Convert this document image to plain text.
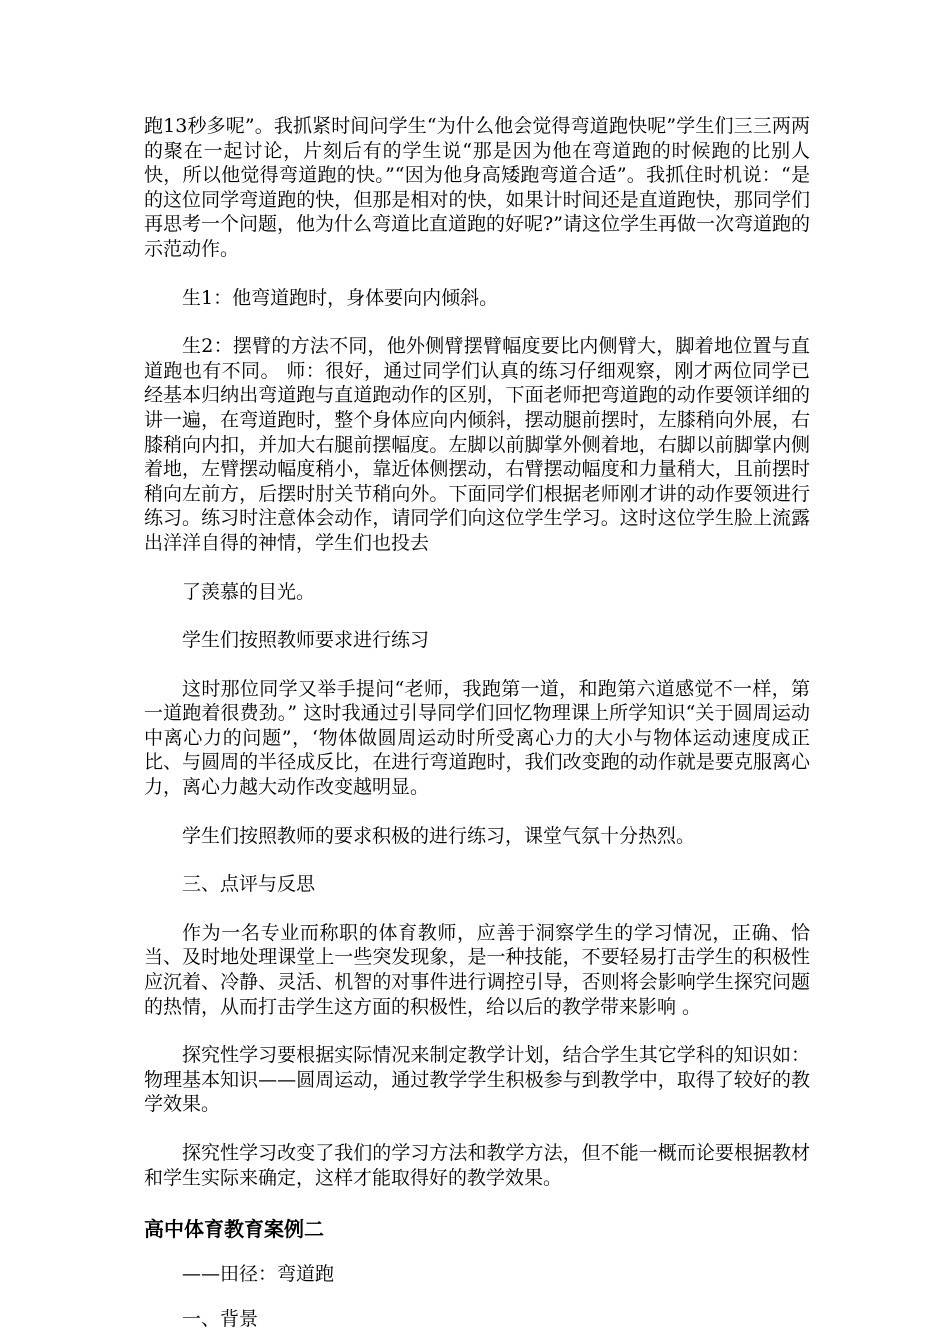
跑13秒多呢”。我抓紧时间问学生“为什么他会觉得弯道跑快呢”学生们三三两两的聚在一起讨论，片刻后有的学生说“那是因为他在弯道跑的时候跑的比别人快，所以他觉得弯道跑的快。”“因为他身高矮跑弯道合适”。我抓住时机说：“是的这位同学弯道跑的快，但那是相对的快，如果计时间还是直道跑快，那同学们再思考一个问题，他为什么弯道比直道跑的好呢?”请这位学生再做一次弯道跑的示范动作。

生1：他弯道跑时，身体要向内倾斜。

生2：摆臂的方法不同，他外侧臂摆臂幅度要比内侧臂大，脚着地位置与直道跑也有不同。 师：很好，通过同学们认真的练习仔细观察，刚才两位同学已经基本归纳出弯道跑与直道跑动作的区别，下面老师把弯道跑的动作要领详细的讲一遍，在弯道跑时，整个身体应向内倾斜，摆动腿前摆时，左膝稍向外展，右膝稍向内扣，并加大右腿前摆幅度。左脚以前脚掌外侧着地，右脚以前脚掌内侧着地，左臂摆动幅度稍小，靠近体侧摆动，右臂摆动幅度和力量稍大，且前摆时稍向左前方，后摆时肘关节稍向外。下面同学们根据老师刚才讲的动作要领进行练习。练习时注意体会动作，请同学们向这位学生学习。这时这位学生脸上流露出洋洋自得的神情，学生们也投去

了羡慕的目光。

学生们按照教师要求进行练习

这时那位同学又举手提问“老师，我跑第一道，和跑第六道感觉不一样，第一道跑着很费劲。” 这时我通过引导同学们回忆物理课上所学知识“关于圆周运动中离心力的问题”，‘物体做圆周运动时所受离心力的大小与物体运动速度成正比、与圆周的半径成反比，在进行弯道跑时，我们改变跑的动作就是要克服离心力，离心力越大动作改变越明显。

学生们按照教师的要求积极的进行练习，课堂气氛十分热烈。

三、点评与反思

作为一名专业而称职的体育教师，应善于洞察学生的学习情况，正确、恰当、及时地处理课堂上一些突发现象，是一种技能，不要轻易打击学生的积极性应沉着、冷静、灵活、机智的对事件进行调控引导，否则将会影响学生探究问题的热情，从而打击学生这方面的积极性，给以后的教学带来影响 。

探究性学习要根据实际情况来制定教学计划，结合学生其它学科的知识如：物理基本知识——圆周运动，通过教学学生积极参与到教学中，取得了较好的教学效果。

探究性学习改变了我们的学习方法和教学方法，但不能一概而论要根据教材和学生实际来确定，这样才能取得好的教学效果。

高中体育教育案例二

——田径：弯道跑

一、背景
